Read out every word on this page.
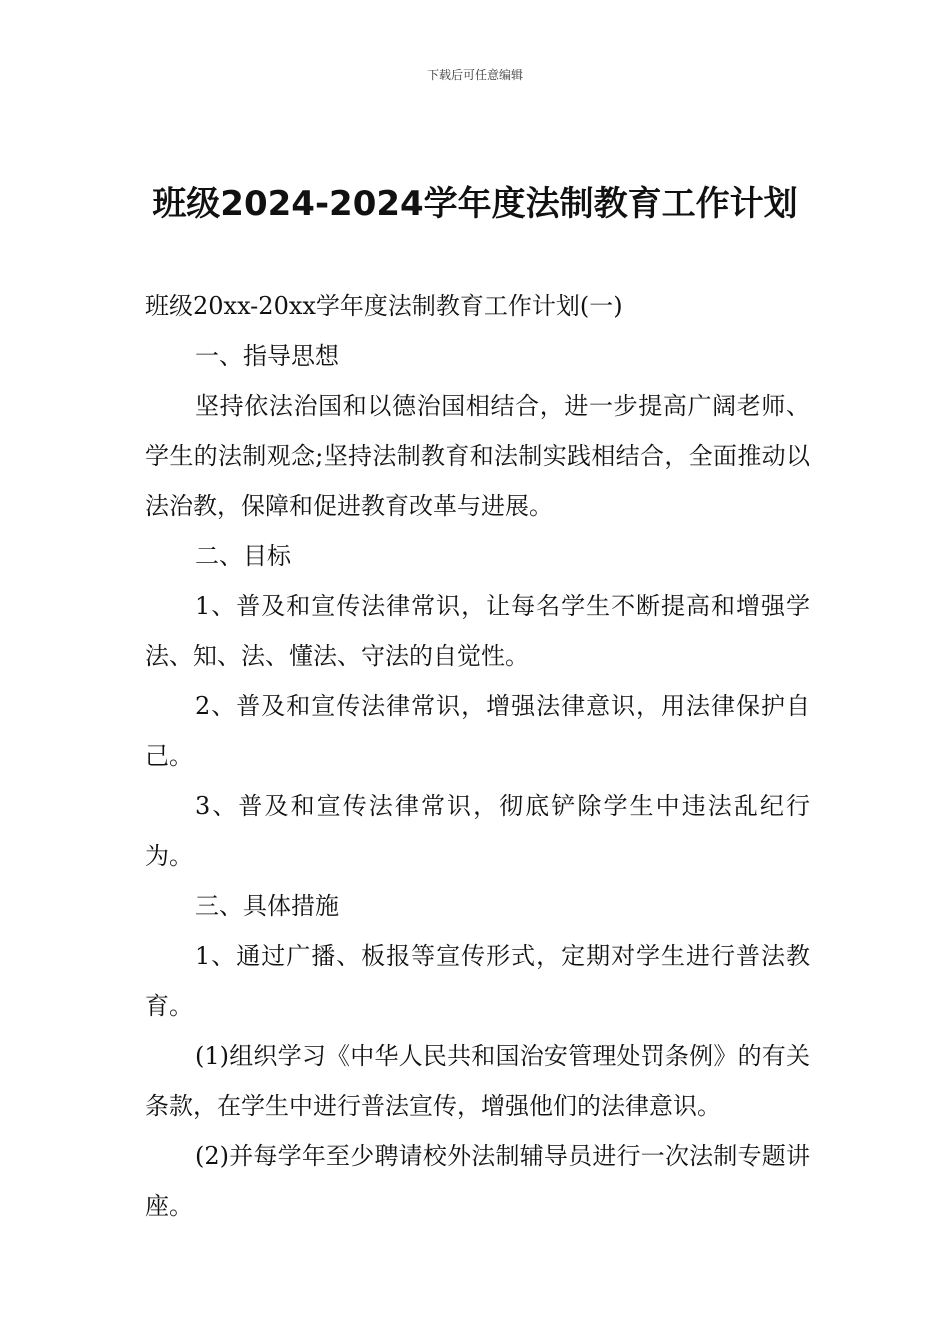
下载后可任意编辑
班级2024-2024学年度法制教育工作计划

班级20xx-20xx学年度法制教育工作计划(一)

一、指导思想

坚持依法治国和以德治国相结合，进一步提高广阔老师、学生的法制观念;坚持法制教育和法制实践相结合，全面推动以法治教，保障和促进教育改革与进展。

二、目标

1、普及和宣传法律常识，让每名学生不断提高和增强学法、知、法、懂法、守法的自觉性。

2、普及和宣传法律常识，增强法律意识，用法律保护自己。

3、普及和宣传法律常识，彻底铲除学生中违法乱纪行为。

三、具体措施

1、通过广播、板报等宣传形式，定期对学生进行普法教育。

(1)组织学习《中华人民共和国治安管理处罚条例》的有关条款，在学生中进行普法宣传，增强他们的法律意识。

(2)并每学年至少聘请校外法制辅导员进行一次法制专题讲座。
